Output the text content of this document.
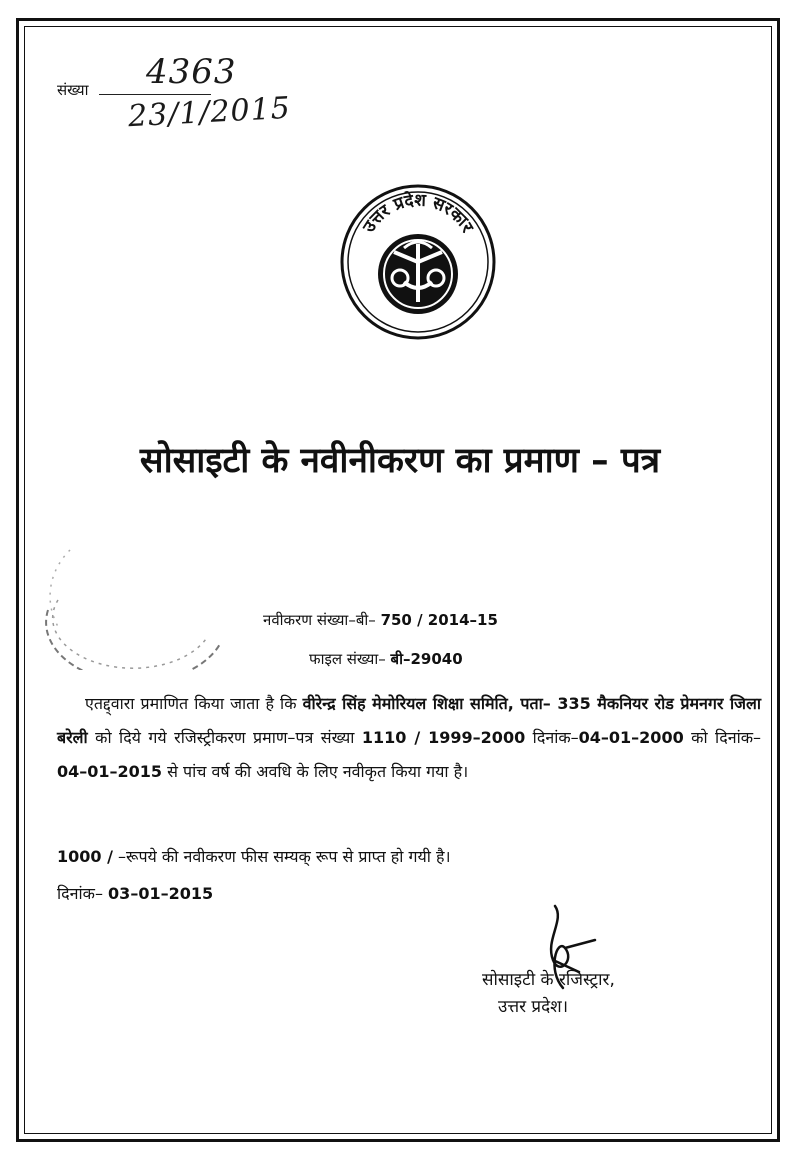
संख्या 4363
23/1/2015
उत्तर प्रदेश सरकार
सोसाइटी के नवीनीकरण का प्रमाण – पत्र
नवीकरण संख्या–बी– 750 / 2014–15
फाइल संख्या– बी–29040
एतद्द्वारा प्रमाणित किया जाता है कि वीरेन्द्र सिंह मेमोरियल शिक्षा समिति, पता– 335 मैकनियर रोड प्रेमनगर जिला बरेली को दिये गये रजिस्ट्रीकरण प्रमाण–पत्र संख्या 1110 / 1999–2000 दिनांक–04–01–2000 को दिनांक–04–01–2015 से पांच वर्ष की अवधि के लिए नवीकृत किया गया है।
1000 / –रूपये की नवीकरण फीस सम्यक् रूप से प्राप्त हो गयी है।
दिनांक– 03–01–2015
सोसाइटी के रजिस्ट्रार,
उत्तर प्रदेश।
